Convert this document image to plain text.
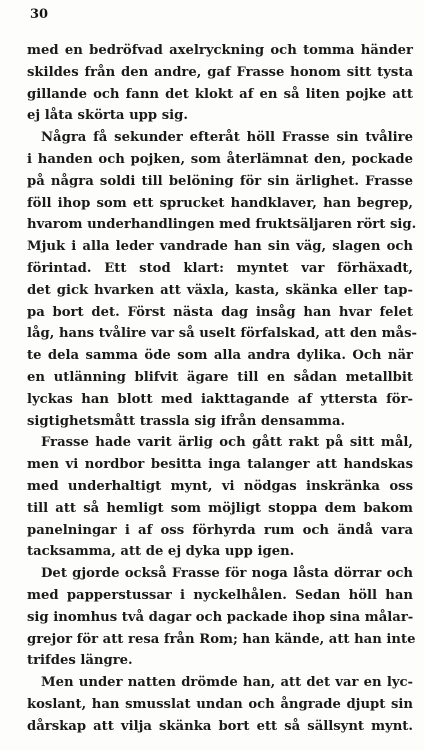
30
med en bedröfvad axelryckning och tomma händer
skildes från den andre, gaf Frasse honom sitt tysta
gillande och fann det klokt af en så liten pojke att
ej låta skörta upp sig.
Några få sekunder efteråt höll Frasse sin tvålire
i handen och pojken, som återlämnat den, pockade
på några soldi till belöning för sin ärlighet. Frasse
föll ihop som ett sprucket handklaver, han begrep,
hvarom underhandlingen med fruktsäljaren rört sig.
Mjuk i alla leder vandrade han sin väg, slagen och
förintad. Ett stod klart: myntet var förhäxadt,
det gick hvarken att växla, kasta, skänka eller tap-
pa bort det. Först nästa dag insåg han hvar felet
låg, hans tvålire var så uselt förfalskad, att den mås-
te dela samma öde som alla andra dylika. Och när
en utlänning blifvit ägare till en sådan metallbit
lyckas han blott med iakttagande af yttersta för-
sigtighetsmått trassla sig ifrån densamma.
Frasse hade varit ärlig och gått rakt på sitt mål,
men vi nordbor besitta inga talanger att handskas
med underhaltigt mynt, vi nödgas inskränka oss
till att så hemligt som möjligt stoppa dem bakom
panelningar i af oss förhyrda rum och ändå vara
tacksamma, att de ej dyka upp igen.
Det gjorde också Frasse för noga låsta dörrar och
med papperstussar i nyckelhålen. Sedan höll han
sig inomhus två dagar och packade ihop sina målar-
grejor för att resa från Rom; han kände, att han inte
trifdes längre.
Men under natten drömde han, att det var en lyc-
koslant, han smusslat undan och ångrade djupt sin
dårskap att vilja skänka bort ett så sällsynt mynt.
